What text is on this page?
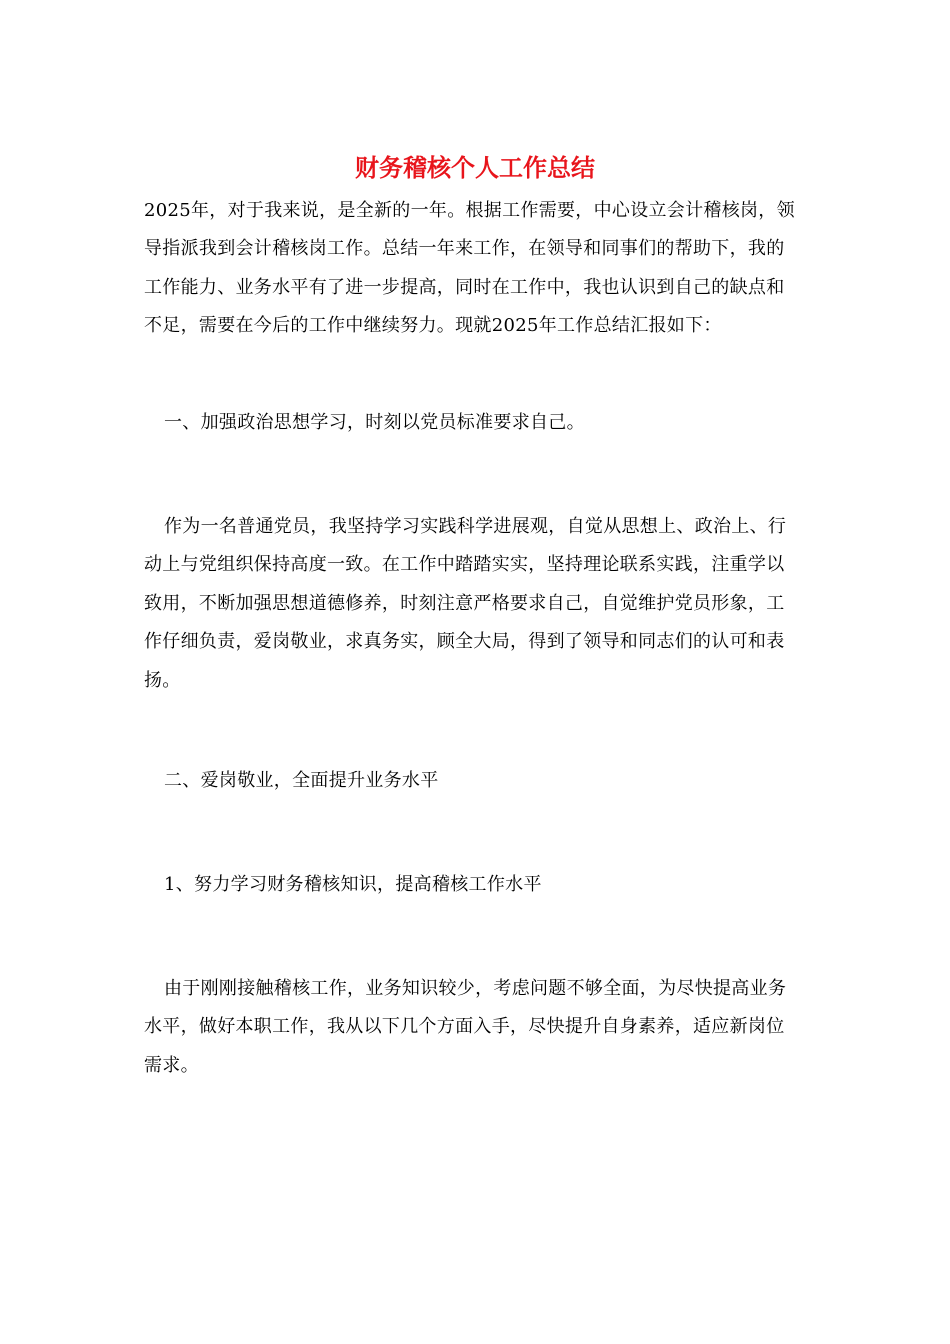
财务稽核个人工作总结
2025年，对于我来说，是全新的一年。根据工作需要，中心设立会计稽核岗，领导指派我到会计稽核岗工作。总结一年来工作，在领导和同事们的帮助下，我的工作能力、业务水平有了进一步提高，同时在工作中，我也认识到自己的缺点和不足，需要在今后的工作中继续努力。现就2025年工作总结汇报如下：
一、加强政治思想学习，时刻以党员标准要求自己。
作为一名普通党员，我坚持学习实践科学进展观，自觉从思想上、政治上、行动上与党组织保持高度一致。在工作中踏踏实实，坚持理论联系实践，注重学以致用，不断加强思想道德修养，时刻注意严格要求自己，自觉维护党员形象，工作仔细负责，爱岗敬业，求真务实，顾全大局，得到了领导和同志们的认可和表扬。
二、爱岗敬业，全面提升业务水平
1、努力学习财务稽核知识，提高稽核工作水平
由于刚刚接触稽核工作，业务知识较少，考虑问题不够全面，为尽快提高业务水平，做好本职工作，我从以下几个方面入手，尽快提升自身素养，适应新岗位需求。
